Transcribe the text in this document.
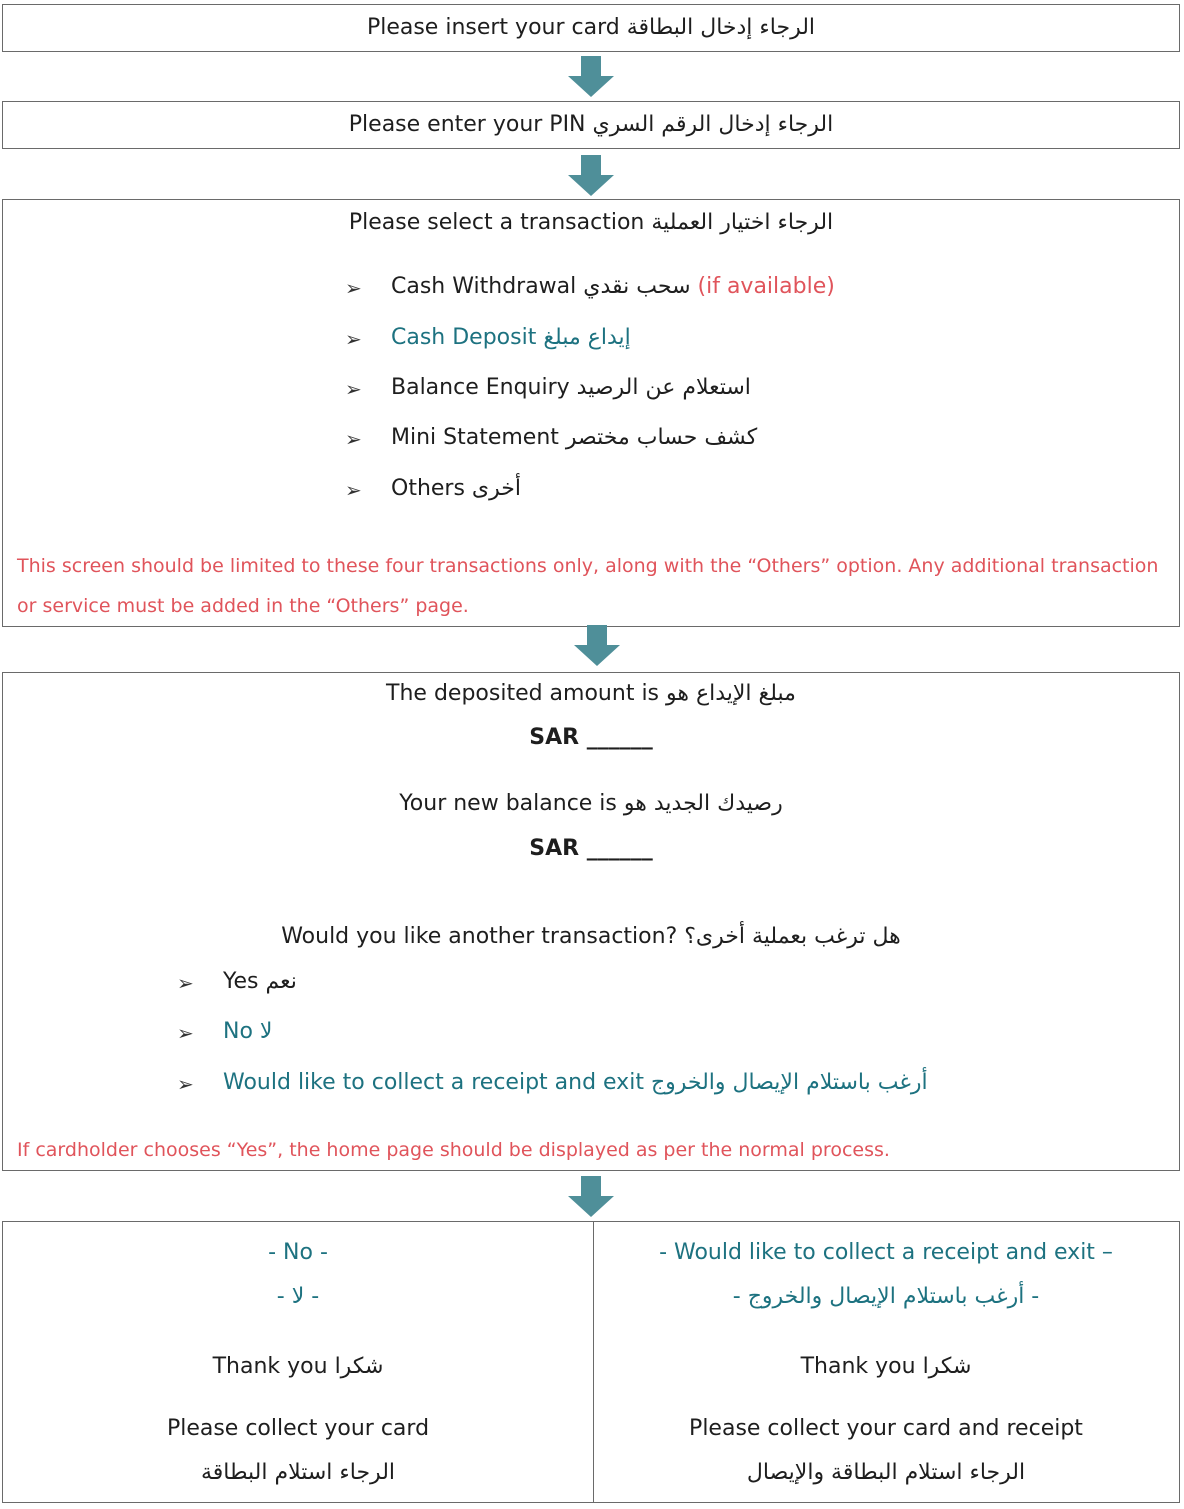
Please insert your card الرجاء إدخال البطاقة
Please enter your PIN الرجاء إدخال الرقم السري
Please select a transaction الرجاء اختيار العملية
➢ Cash Withdrawal سحب نقدي (if available)
➢ Cash Deposit إيداع مبلغ
➢ Balance Enquiry استعلام عن الرصيد
➢ Mini Statement كشف حساب مختصر
➢ Others أخرى
This screen should be limited to these four transactions only, along with the “Others” option. Any additional transaction or service must be added in the “Others” page.
The deposited amount is مبلغ الإيداع هو
SAR ______
Your new balance is رصيدك الجديد هو
SAR ______
Would you like another transaction? هل ترغب بعملية أخرى؟
➢ Yes نعم
➢ No لا
➢ Would like to collect a receipt and exit أرغب باستلام الإيصال والخروج
If cardholder chooses “Yes”, the home page should be displayed as per the normal process.
- No -
- لا -
Thank you شكرا
Please collect your card
الرجاء استلام البطاقة
- Would like to collect a receipt and exit –
- أرغب باستلام الإيصال والخروج -
Thank you شكرا
Please collect your card and receipt
الرجاء استلام البطاقة والإيصال
